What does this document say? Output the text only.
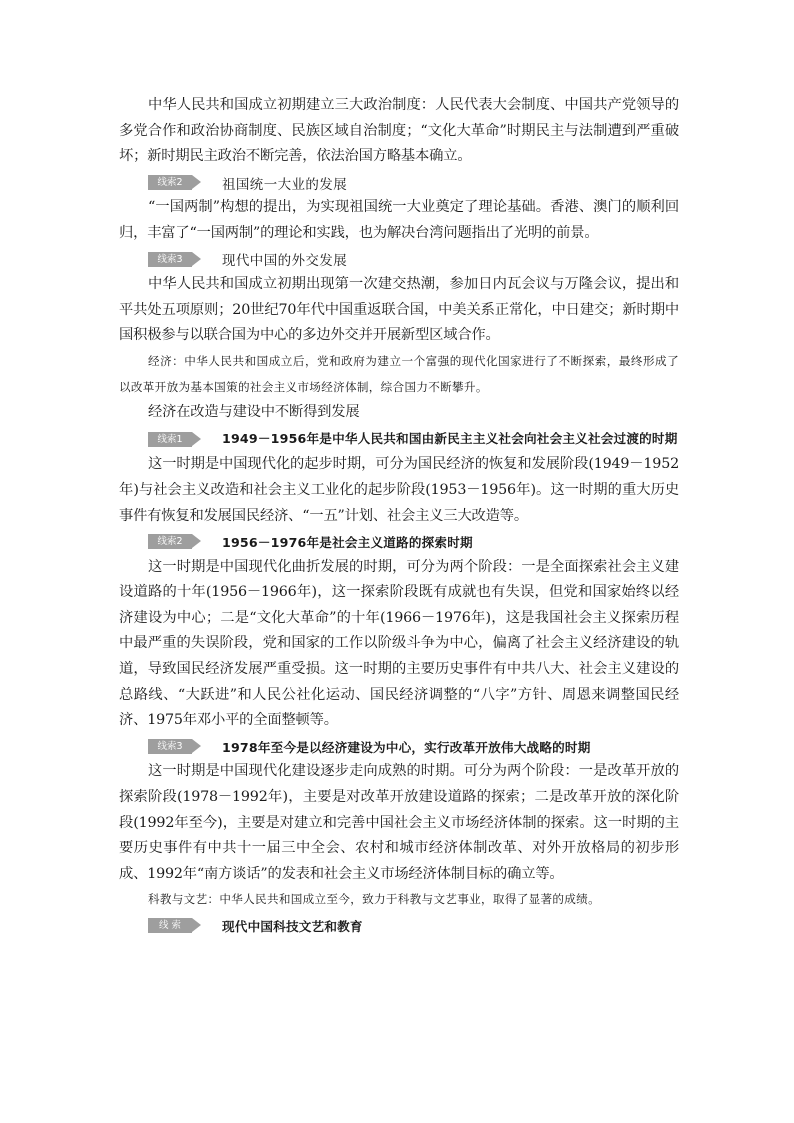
中华人民共和国成立初期建立三大政治制度：人民代表大会制度、中国共产党领导的多党合作和政治协商制度、民族区域自治制度；“文化大革命”时期民主与法制遭到严重破坏；新时期民主政治不断完善，依法治国方略基本确立。

线索2	祖国统一大业的发展

“一国两制”构想的提出，为实现祖国统一大业奠定了理论基础。香港、澳门的顺利回归，丰富了“一国两制”的理论和实践，也为解决台湾问题指出了光明的前景。

线索3	现代中国的外交发展

中华人民共和国成立初期出现第一次建交热潮，参加日内瓦会议与万隆会议，提出和平共处五项原则；20世纪70年代中国重返联合国，中美关系正常化，中日建交；新时期中国积极参与以联合国为中心的多边外交并开展新型区域合作。

经济：中华人民共和国成立后，党和政府为建立一个富强的现代化国家进行了不断探索，最终形成了以改革开放为基本国策的社会主义市场经济体制，综合国力不断攀升。

经济在改造与建设中不断得到发展

线索1	1949－1956年是中华人民共和国由新民主主义社会向社会主义社会过渡的时期

这一时期是中国现代化的起步时期，可分为国民经济的恢复和发展阶段(1949－1952年)与社会主义改造和社会主义工业化的起步阶段(1953－1956年)。这一时期的重大历史事件有恢复和发展国民经济、“一五”计划、社会主义三大改造等。

线索2	1956－1976年是社会主义道路的探索时期

这一时期是中国现代化曲折发展的时期，可分为两个阶段：一是全面探索社会主义建设道路的十年(1956－1966年)，这一探索阶段既有成就也有失误，但党和国家始终以经济建设为中心；二是“文化大革命”的十年(1966－1976年)，这是我国社会主义探索历程中最严重的失误阶段，党和国家的工作以阶级斗争为中心，偏离了社会主义经济建设的轨道，导致国民经济发展严重受损。这一时期的主要历史事件有中共八大、社会主义建设的总路线、“大跃进”和人民公社化运动、国民经济调整的“八字”方针、周恩来调整国民经济、1975年邓小平的全面整顿等。

线索3	1978年至今是以经济建设为中心，实行改革开放伟大战略的时期

这一时期是中国现代化建设逐步走向成熟的时期。可分为两个阶段：一是改革开放的探索阶段(1978－1992年)，主要是对改革开放建设道路的探索；二是改革开放的深化阶段(1992年至今)，主要是对建立和完善中国社会主义市场经济体制的探索。这一时期的主要历史事件有中共十一届三中全会、农村和城市经济体制改革、对外开放格局的初步形成、1992年“南方谈话”的发表和社会主义市场经济体制目标的确立等。

科教与文艺：中华人民共和国成立至今，致力于科教与文艺事业，取得了显著的成绩。

线 索	现代中国科技文艺和教育
